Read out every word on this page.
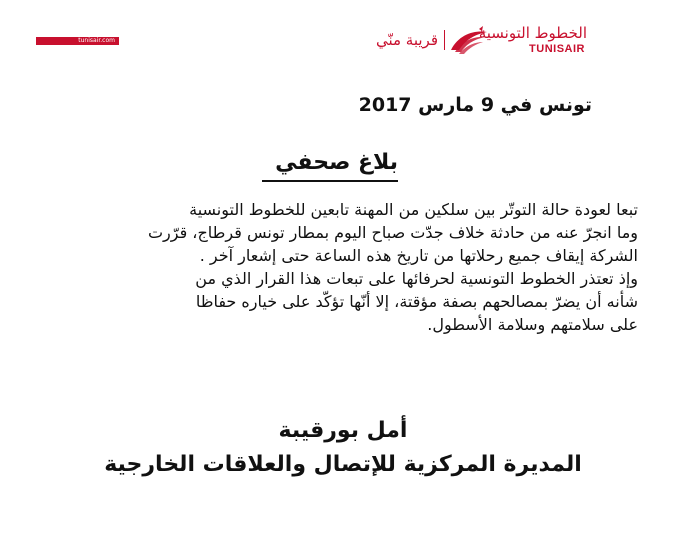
tunisair.com	قريبة منّي	الخطوط التونسية
TUNISAIR
تونس في 9 مارس 2017
بلاغ صحفي
تبعا لعودة حالة التوتّر بين سلكين من المهنة تابعين للخطوط التونسية
وما انجرّ عنه من حادثة خلاف جدّت صباح اليوم بمطار تونس قرطاج، قرّرت
الشركة إيقاف جميع رحلاتها من تاريخ هذه الساعة حتى إشعار آخر .
وإذ تعتذر الخطوط التونسية لحرفائها على تبعات هذا القرار الذي من
شأنه أن يضرّ بمصالحهم بصفة مؤقتة، إلا أنّها تؤكّد على خياره حفاظا
على سلامتهم وسلامة الأسطول.
أمل بورقيبة
المديرة المركزية للإتصال والعلاقات الخارجية
